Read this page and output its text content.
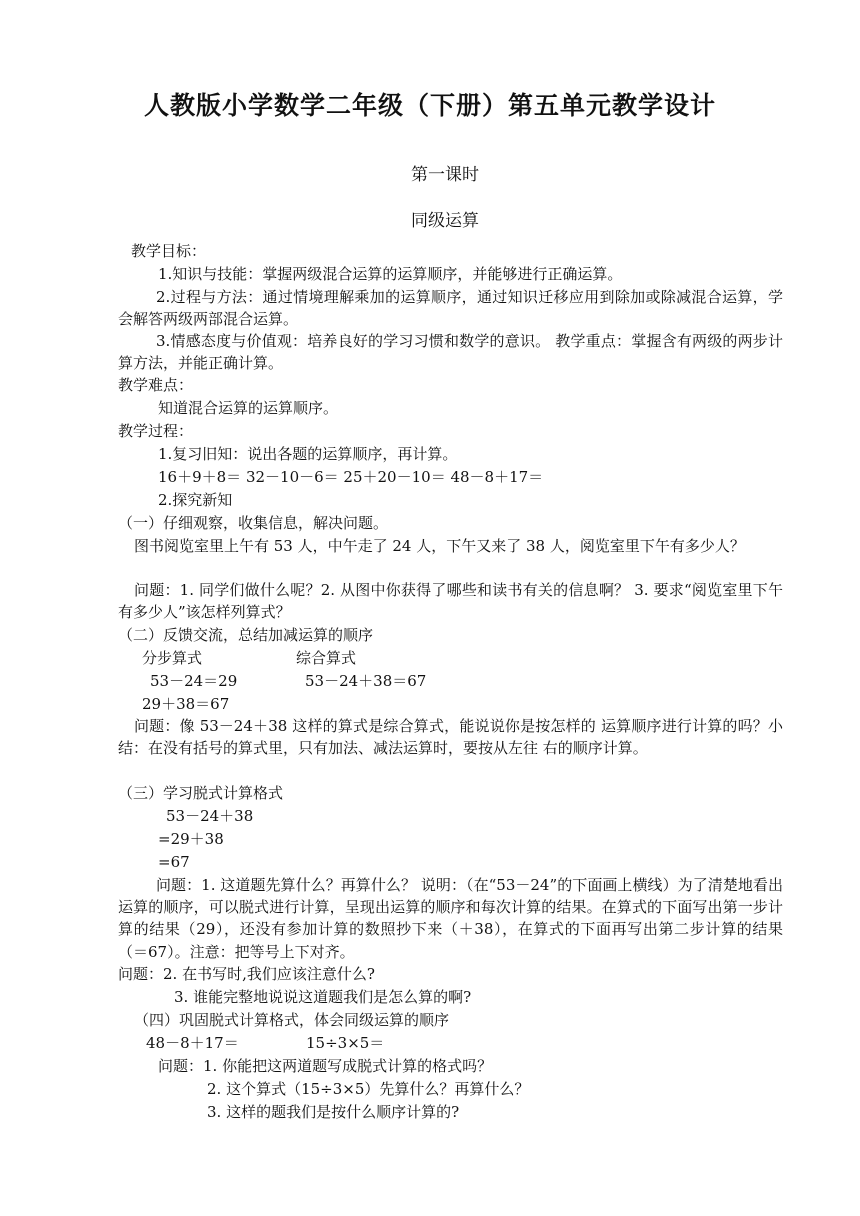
人教版小学数学二年级（下册）第五单元教学设计
第一课时
同级运算
教学目标：
1.知识与技能：掌握两级混合运算的运算顺序，并能够进行正确运算。
2.过程与方法：通过情境理解乘加的运算顺序，通过知识迁移应用到除加或除减混合运算，学会解答两级两部混合运算。
3.情感态度与价值观：培养良好的学习习惯和数学的意识。 教学重点：掌握含有两级的两步计算方法，并能正确计算。
教学难点：
知道混合运算的运算顺序。
教学过程：
1.复习旧知：说出各题的运算顺序，再计算。
16＋9＋8＝ 32－10－6＝ 25＋20－10＝ 48－8＋17＝
2.探究新知
（一）仔细观察，收集信息，解决问题。
图书阅览室里上午有 53 人，中午走了 24 人，下午又来了 38 人，阅览室里下午有多少人？
问题：1. 同学们做什么呢？2. 从图中你获得了哪些和读书有关的信息啊？ 3. 要求“阅览室里下午有多少人”该怎样列算式？
（二）反馈交流，总结加减运算的顺序
分步算式	综合算式
53－24＝29	53－24＋38＝67
29＋38＝67
问题：像 53－24＋38 这样的算式是综合算式，能说说你是按怎样的 运算顺序进行计算的吗？小结：在没有括号的算式里，只有加法、减法运算时，要按从左往 右的顺序计算。
（三）学习脱式计算格式
53－24＋38
=29＋38
=67
问题：1. 这道题先算什么？再算什么？ 说明：（在“53－24”的下面画上横线）为了清楚地看出运算的顺序，可以脱式进行计算，呈现出运算的顺序和每次计算的结果。在算式的下面写出第一步计算的结果（29），还没有参加计算的数照抄下来（＋38），在算式的下面再写出第二步计算的结果（＝67）。注意：把等号上下对齐。
问题：2. 在书写时,我们应该注意什么?
3. 谁能完整地说说这道题我们是怎么算的啊?
（四）巩固脱式计算格式，体会同级运算的顺序
48－8＋17＝	15÷3×5＝
问题：1. 你能把这两道题写成脱式计算的格式吗？
2. 这个算式（15÷3×5）先算什么？再算什么？
3. 这样的题我们是按什么顺序计算的?
